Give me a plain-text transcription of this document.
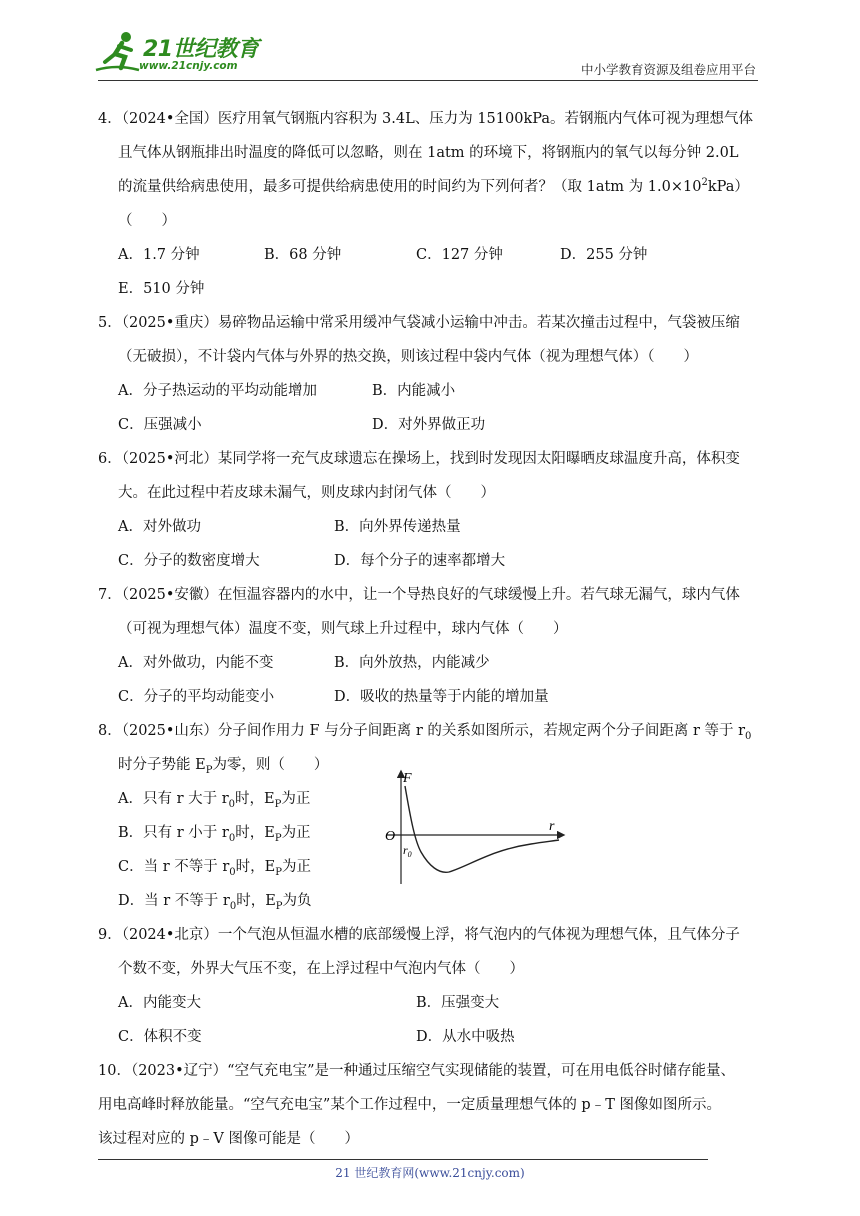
21世纪教育
www.21cnjy.com	中小学教育资源及组卷应用平台
4．（2024•全国）医疗用氧气钢瓶内容积为 3.4L、压力为 15100kPa。若钢瓶内气体可视为理想气体
且气体从钢瓶排出时温度的降低可以忽略，则在 1atm 的环境下，将钢瓶内的氧气以每分钟 2.0L
的流量供给病患使用，最多可提供给病患使用的时间约为下列何者？（取 1atm 为 $1.0\times 10^2kPa$）
（　　）
A．1.7 分钟	B．68 分钟	C．127 分钟	D．255 分钟
E．510 分钟
5．（2025•重庆）易碎物品运输中常采用缓冲气袋减小运输中冲击。若某次撞击过程中，气袋被压缩
（无破损），不计袋内气体与外界的热交换，则该过程中袋内气体（视为理想气体）（　　）
A．分子热运动的平均动能增加	B．内能减小
C．压强减小	D．对外界做正功
6．（2025•河北）某同学将一充气皮球遗忘在操场上，找到时发现因太阳曝晒皮球温度升高，体积变
大。在此过程中若皮球未漏气，则皮球内封闭气体（　　）
A．对外做功	B．向外界传递热量
C．分子的数密度增大	D．每个分子的速率都增大
7．（2025•安徽）在恒温容器内的水中，让一个导热良好的气球缓慢上升。若气球无漏气，球内气体
（可视为理想气体）温度不变，则气球上升过程中，球内气体（　　）
A．对外做功，内能不变	B．向外放热，内能减少
C．分子的平均动能变小	D．吸收的热量等于内能的增加量
8．（2025•山东）分子间作用力 F 与分子间距离 r 的关系如图所示，若规定两个分子间距离 r 等于 $r_0$
时分子势能 $E_P$为零，则（　　）
A．只有 r 大于 $r_0$时，$E_P$为正
B．只有 r 小于 $r_0$时，$E_P$为正
C．当 r 不等于 $r_0$时，$E_P$为正
D．当 r 不等于 $r_0$时，$E_P$为负
9．（2024•北京）一个气泡从恒温水槽的底部缓慢上浮，将气泡内的气体视为理想气体，且气体分子
个数不变，外界大气压不变，在上浮过程中气泡内气体（　　）
A．内能变大	B．压强变大
C．体积不变	D．从水中吸热
10．（2023•辽宁）“空气充电宝”是一种通过压缩空气实现储能的装置，可在用电低谷时储存能量、
用电高峰时释放能量。“空气充电宝”某个工作过程中，一定质量理想气体的 p﹣T 图像如图所示。
该过程对应的 p﹣V 图像可能是（　　）
F
O
r
$r_0$
21 世纪教育网(www.21cnjy.com)
